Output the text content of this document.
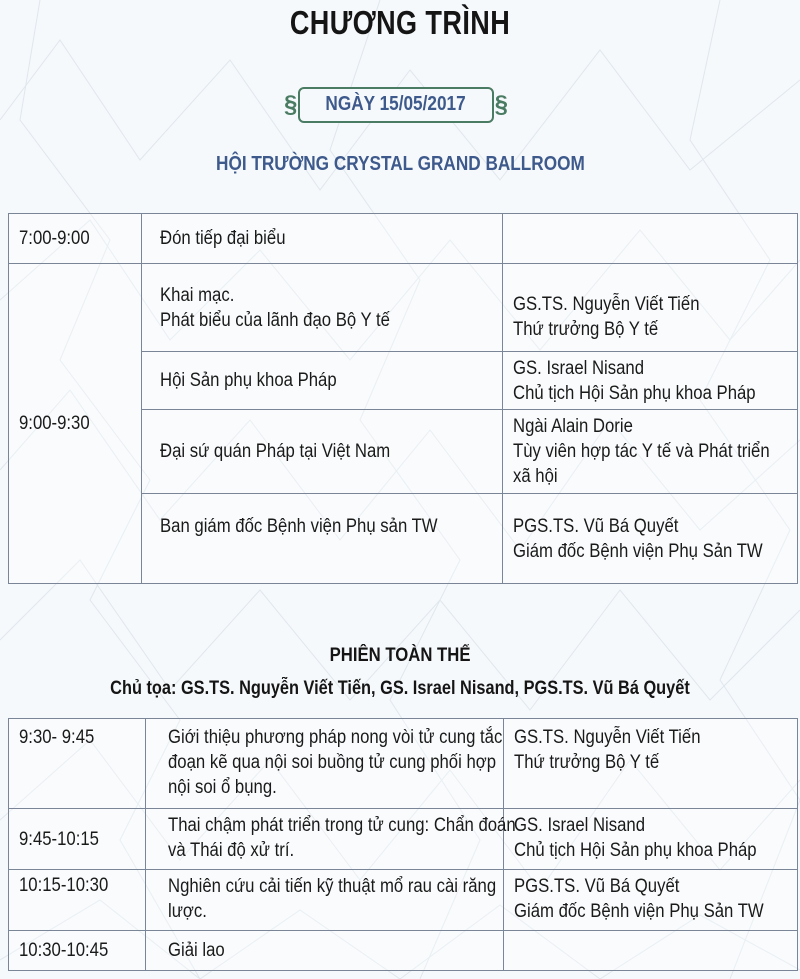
CHƯƠNG TRÌNH
§	NGÀY 15/05/2017	§
HỘI TRƯỜNG CRYSTAL GRAND BALLROOM
7:00-9:00	Đón tiếp đại biểu	
9:00-9:30	Khai mạc.
Phát biểu của lãnh đạo Bộ Y tế	GS.TS. Nguyễn Viết Tiến
Thứ trưởng Bộ Y tế

	Hội Sản phụ khoa Pháp	GS. Israel Nisand
Chủ tịch Hội Sản phụ khoa Pháp

	Đại sứ quán Pháp tại Việt Nam	Ngài Alain Dorie
Tùy viên hợp tác Y tế và Phát triển
xã hội

	Ban giám đốc Bệnh viện Phụ sản TW	PGS.TS. Vũ Bá Quyết
Giám đốc Bệnh viện Phụ Sản TW
PHIÊN TOÀN THỂ
Chủ tọa: GS.TS. Nguyễn Viết Tiến, GS. Israel Nisand, PGS.TS. Vũ Bá Quyết
9:30- 9:45	Giới thiệu phương pháp nong vòi tử cung tắc đoạn kẽ qua nội soi buồng tử cung phối hợp nội soi ổ bụng.	GS.TS. Nguyễn Viết Tiến
Thứ trưởng Bộ Y tế

9:45-10:15	Thai chậm phát triển trong tử cung: Chẩn đoán và Thái độ xử trí.	GS. Israel Nisand
Chủ tịch Hội Sản phụ khoa Pháp

10:15-10:30	Nghiên cứu cải tiến kỹ thuật mổ rau cài răng lược.	PGS.TS. Vũ Bá Quyết
Giám đốc Bệnh viện Phụ Sản TW

10:30-10:45	Giải lao	
